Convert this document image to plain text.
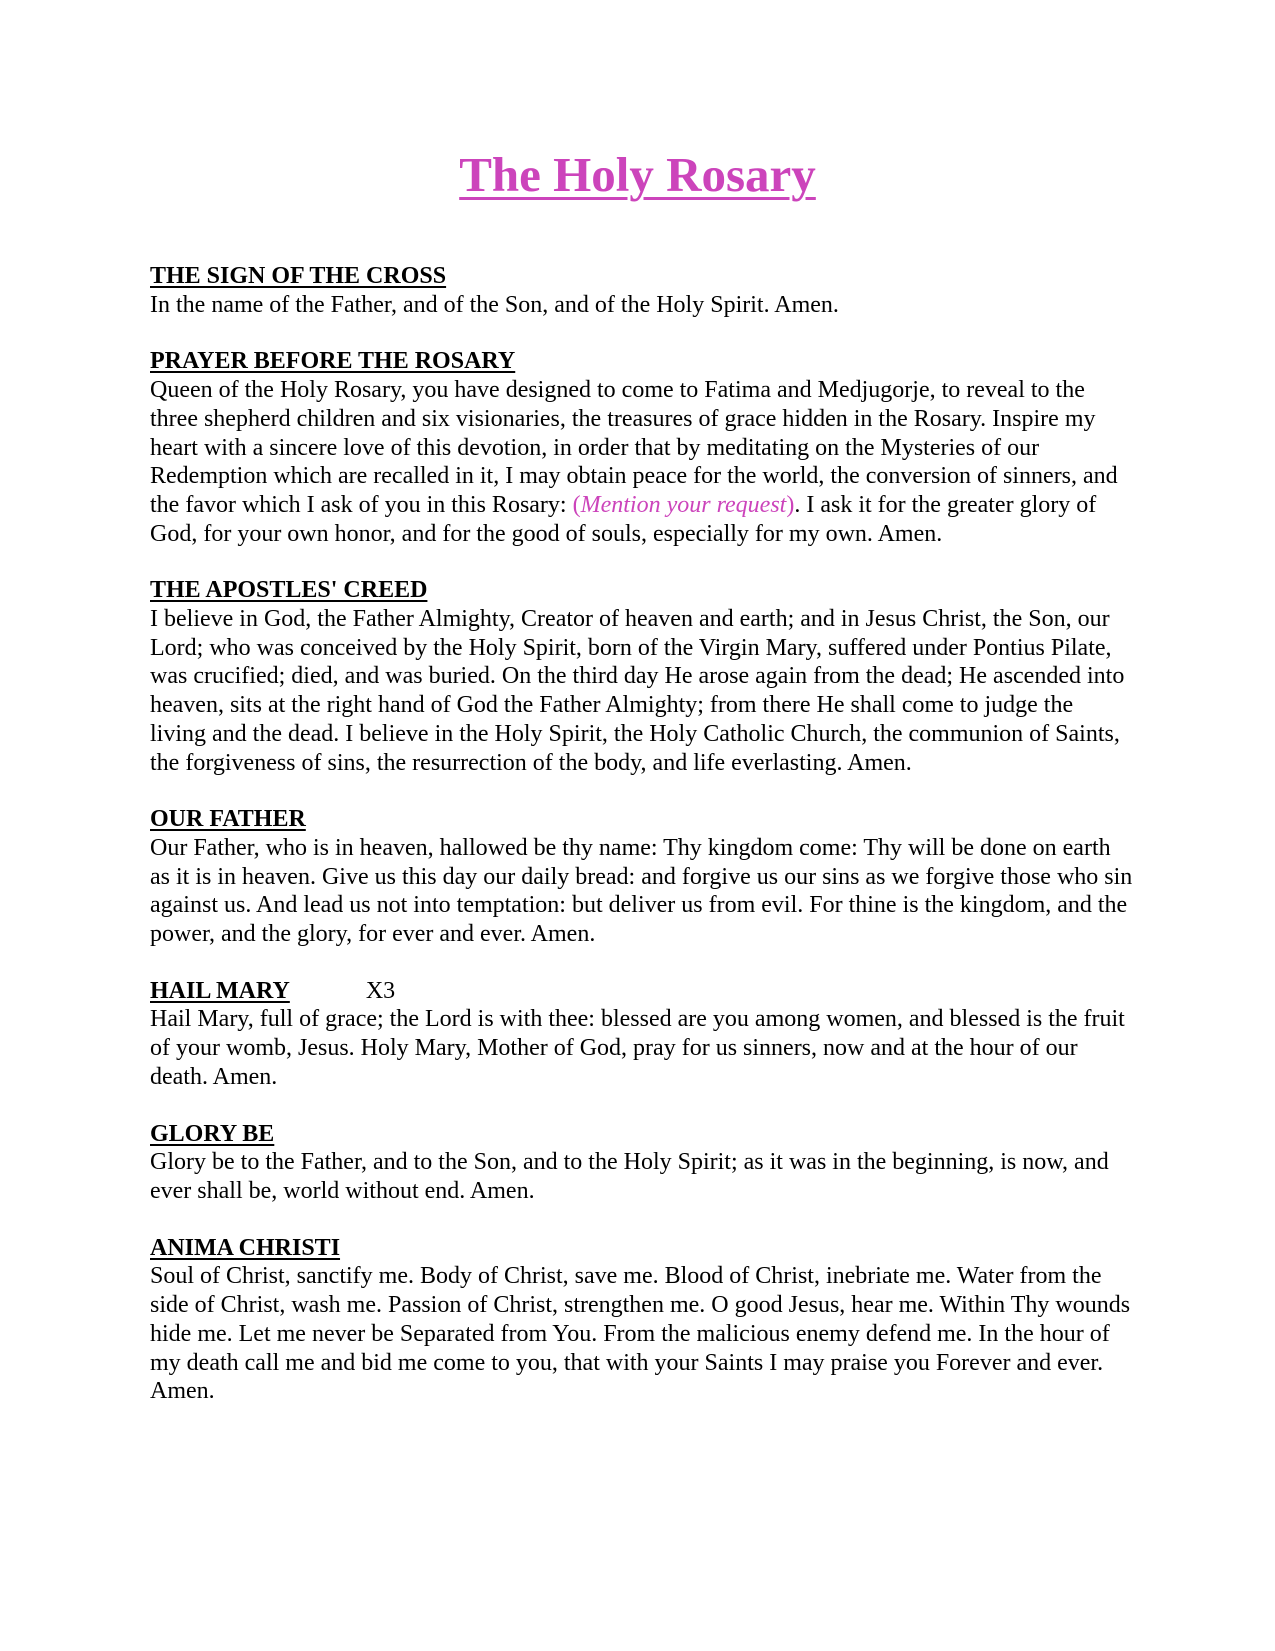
The Holy Rosary
THE SIGN OF THE CROSS

In the name of the Father, and of the Son, and of the Holy Spirit. Amen.

PRAYER BEFORE THE ROSARY

Queen of the Holy Rosary, you have designed to come to Fatima and Medjugorje, to reveal to the three shepherd children and six visionaries, the treasures of grace hidden in the Rosary. Inspire my heart with a sincere love of this devotion, in order that by meditating on the Mysteries of our Redemption which are recalled in it, I may obtain peace for the world, the conversion of sinners, and the favor which I ask of you in this Rosary: (Mention your request). I ask it for the greater glory of God, for your own honor, and for the good of souls, especially for my own. Amen.

THE APOSTLES' CREED

I believe in God, the Father Almighty, Creator of heaven and earth; and in Jesus Christ, the Son, our Lord; who was conceived by the Holy Spirit, born of the Virgin Mary, suffered under Pontius Pilate, was crucified; died, and was buried. On the third day He arose again from the dead; He ascended into heaven, sits at the right hand of God the Father Almighty; from there He shall come to judge the living and the dead. I believe in the Holy Spirit, the Holy Catholic Church, the communion of Saints, the forgiveness of sins, the resurrection of the body, and life everlasting. Amen.

OUR FATHER

Our Father, who is in heaven, hallowed be thy name: Thy kingdom come: Thy will be done on earth as it is in heaven. Give us this day our daily bread: and forgive us our sins as we forgive those who sin against us. And lead us not into temptation: but deliver us from evil. For thine is the kingdom, and the power, and the glory, for ever and ever. Amen.

HAIL MARY	X3

Hail Mary, full of grace; the Lord is with thee: blessed are you among women, and blessed is the fruit of your womb, Jesus. Holy Mary, Mother of God, pray for us sinners, now and at the hour of our death. Amen.

GLORY BE

Glory be to the Father, and to the Son, and to the Holy Spirit; as it was in the beginning, is now, and ever shall be, world without end. Amen.

ANIMA CHRISTI

Soul of Christ, sanctify me. Body of Christ, save me. Blood of Christ, inebriate me. Water from the side of Christ, wash me. Passion of Christ, strengthen me. O good Jesus, hear me. Within Thy wounds hide me. Let me never be Separated from You. From the malicious enemy defend me. In the hour of my death call me and bid me come to you, that with your Saints I may praise you Forever and ever. Amen.
